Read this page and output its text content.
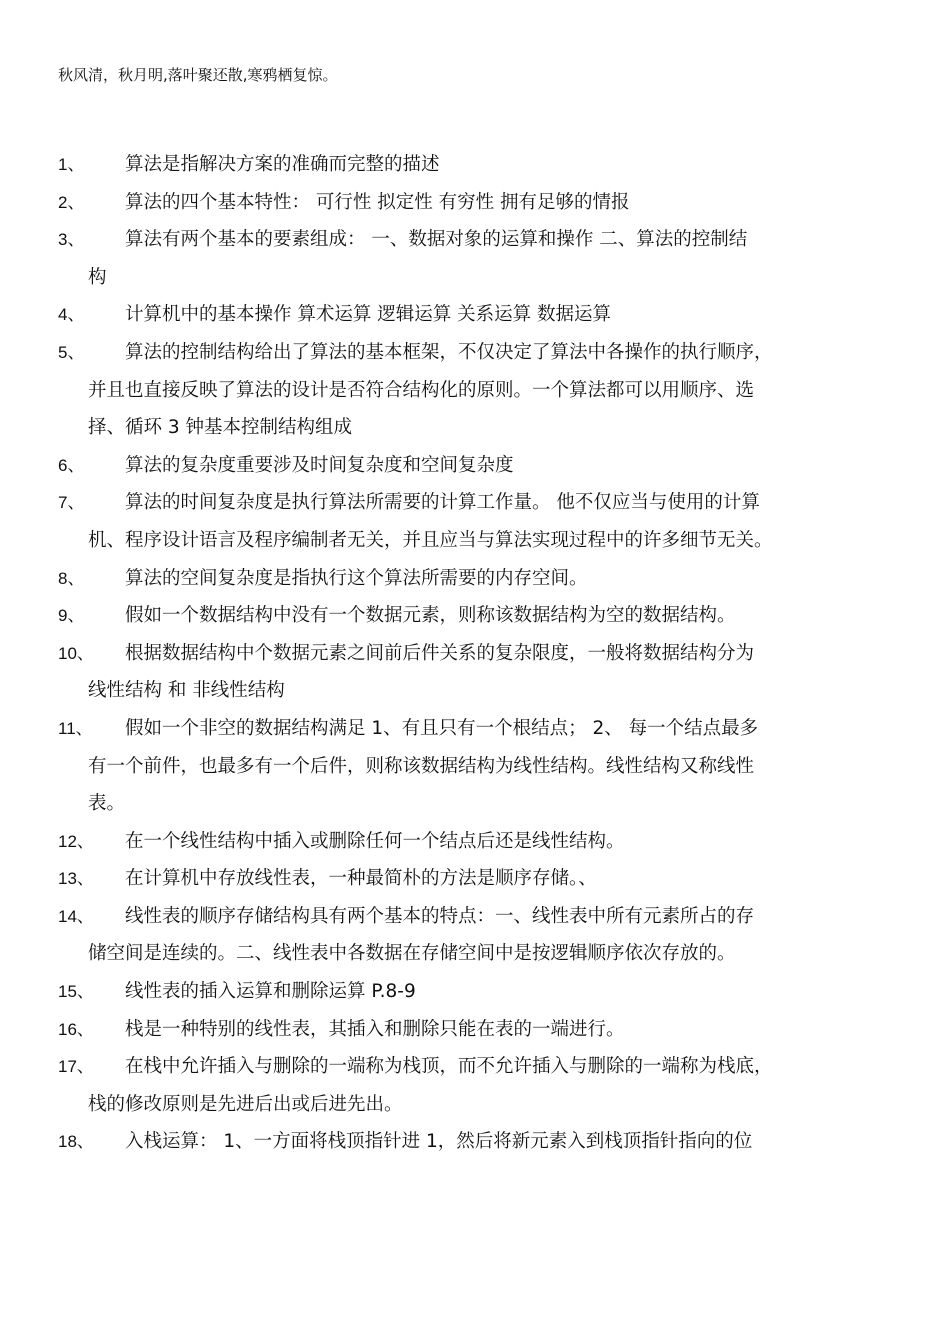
秋风清，秋月明,落叶聚还散,寒鸦栖复惊。
1、	算法是指解决方案的准确而完整的描述
2、	算法的四个基本特性： 可行性 拟定性 有穷性 拥有足够的情报
3、	算法有两个基本的要素组成： 一、数据对象的运算和操作 二、算法的控制结
构
4、	计算机中的基本操作 算术运算 逻辑运算 关系运算 数据运算
5、	算法的控制结构给出了算法的基本框架，不仅决定了算法中各操作的执行顺序，
并且也直接反映了算法的设计是否符合结构化的原则。一个算法都可以用顺序、选
择、循环 3 钟基本控制结构组成
6、	算法的复杂度重要涉及时间复杂度和空间复杂度
7、	算法的时间复杂度是执行算法所需要的计算工作量。 他不仅应当与使用的计算
机、程序设计语言及程序编制者无关，并且应当与算法实现过程中的许多细节无关。
8、	算法的空间复杂度是指执行这个算法所需要的内存空间。
9、	假如一个数据结构中没有一个数据元素，则称该数据结构为空的数据结构。
10、	根据数据结构中个数据元素之间前后件关系的复杂限度，一般将数据结构分为
线性结构 和 非线性结构
11、	假如一个非空的数据结构满足 1、有且只有一个根结点； 2、 每一个结点最多
有一个前件，也最多有一个后件，则称该数据结构为线性结构。线性结构又称线性
表。
12、	在一个线性结构中插入或删除任何一个结点后还是线性结构。
13、	在计算机中存放线性表，一种最简朴的方法是顺序存储。、
14、	线性表的顺序存储结构具有两个基本的特点：一、线性表中所有元素所占的存
储空间是连续的。二、线性表中各数据在存储空间中是按逻辑顺序依次存放的。
15、	线性表的插入运算和删除运算 P.8-9
16、	栈是一种特别的线性表，其插入和删除只能在表的一端进行。
17、	在栈中允许插入与删除的一端称为栈顶，而不允许插入与删除的一端称为栈底，
栈的修改原则是先进后出或后进先出。
18、	入栈运算： 1、一方面将栈顶指针进 1，然后将新元素入到栈顶指针指向的位
